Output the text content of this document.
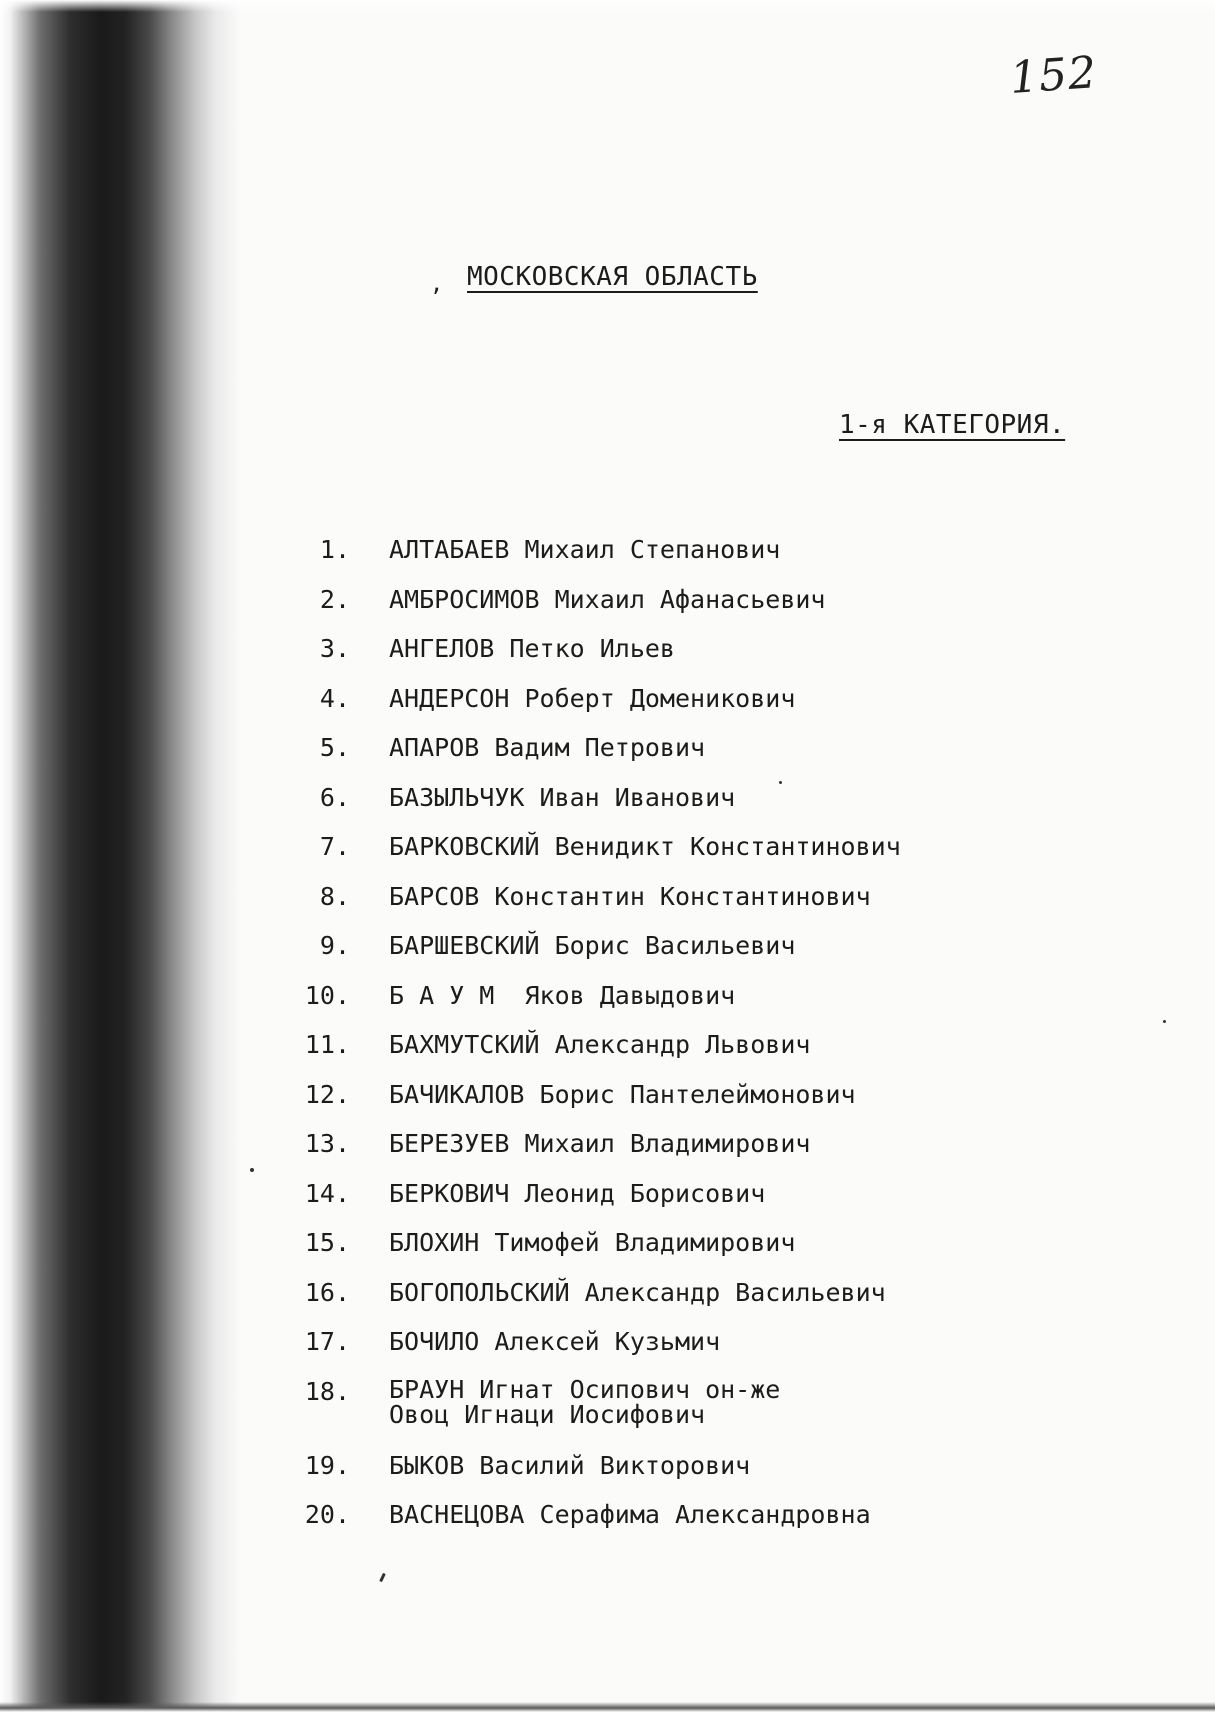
152
, МОСКОВСКАЯ ОБЛАСТЬ
1-я КАТЕГОРИЯ.
1. АЛТАБАЕВ Михаил Степанович
2. АМБРОСИМОВ Михаил Афанасьевич
3. АНГЕЛОВ Петко Ильев
4. АНДЕРСОН Роберт Доменикович
5. АПАРОВ Вадим Петрович
6. БАЗЫЛЬЧУК Иван Иванович
7. БАРКОВСКИЙ Венидикт Константинович
8. БАРСОВ Константин Константинович
9. БАРШЕВСКИЙ Борис Васильевич
10. Б А У М  Яков Давыдович
11. БАХМУТСКИЙ Александр Львович
12. БАЧИКАЛОВ Борис Пантелеймонович
13. БЕРЕЗУЕВ Михаил Владимирович
14. БЕРКОВИЧ Леонид Борисович
15. БЛОХИН Тимофей Владимирович
16. БОГОПОЛЬСКИЙ Александр Васильевич
17. БОЧИЛО Алексей Кузьмич
18. БРАУН Игнат Осипович он-же
Овоц Игнаци Иосифович
19. БЫКОВ Василий Викторович
20. ВАСНЕЦОВА Серафима Александровна
